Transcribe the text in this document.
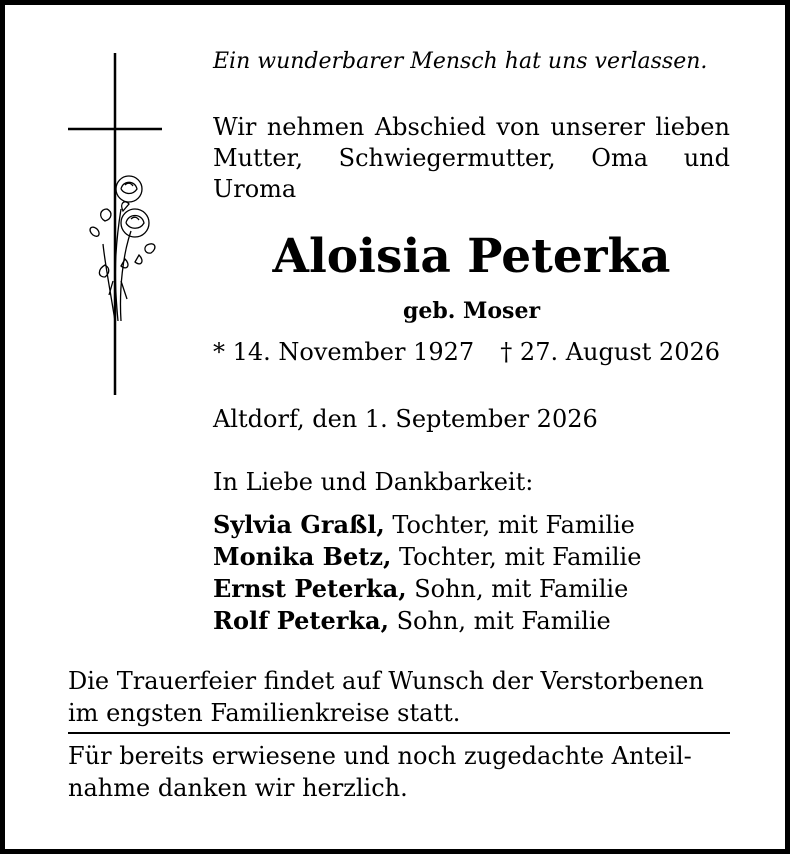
Ein wunderbarer Mensch hat uns verlassen.
Wir nehmen Abschied von unserer lieben
Mutter, Schwiegermutter, Oma und
Uroma
Aloisia Peterka
geb. Moser
* 14. November 1927 † 27. August 2026
Altdorf, den 1. September 2026
In Liebe und Dankbarkeit:
Sylvia Graßl, Tochter, mit Familie
Monika Betz, Tochter, mit Familie
Ernst Peterka, Sohn, mit Familie
Rolf Peterka, Sohn, mit Familie
Die Trauerfeier findet auf Wunsch der Verstorbenen
im engsten Familienkreise statt.
Für bereits erwiesene und noch zugedachte Anteil-
nahme danken wir herzlich.
